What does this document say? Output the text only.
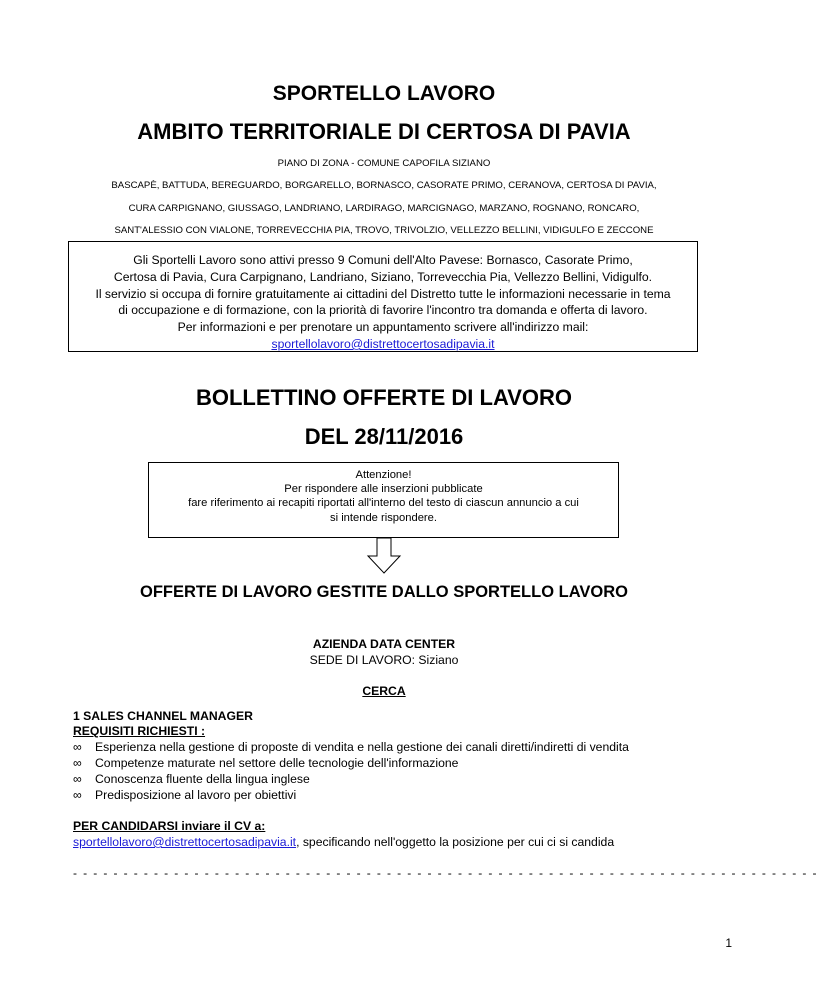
SPORTELLO LAVORO
AMBITO TERRITORIALE DI CERTOSA DI PAVIA
PIANO DI ZONA - COMUNE CAPOFILA SIZIANO
BASCAPÈ, BATTUDA, BEREGUARDO, BORGARELLO, BORNASCO, CASORATE PRIMO, CERANOVA, CERTOSA DI PAVIA,
CURA CARPIGNANO, GIUSSAGO, LANDRIANO, LARDIRAGO, MARCIGNAGO, MARZANO, ROGNANO, RONCARO,
SANT'ALESSIO CON VIALONE, TORREVECCHIA PIA, TROVO, TRIVOLZIO, VELLEZZO BELLINI, VIDIGULFO E ZECCONE
Gli Sportelli Lavoro sono attivi presso 9 Comuni dell'Alto Pavese: Bornasco, Casorate Primo,
Certosa di Pavia, Cura Carpignano, Landriano, Siziano, Torrevecchia Pia, Vellezzo Bellini, Vidigulfo.
Il servizio si occupa di fornire gratuitamente ai cittadini del Distretto tutte le informazioni necessarie in tema
di occupazione e di formazione, con la priorità di favorire l'incontro tra domanda e offerta di lavoro.
Per informazioni e per prenotare un appuntamento scrivere all'indirizzo mail:
sportellolavoro@distrettocertosadipavia.it
BOLLETTINO OFFERTE DI LAVORO
DEL 28/11/2016
Attenzione!
Per rispondere alle inserzioni pubblicate
fare riferimento ai recapiti riportati all'interno del testo di ciascun annuncio a cui
si intende rispondere.
OFFERTE DI LAVORO GESTITE DALLO SPORTELLO LAVORO
AZIENDA DATA CENTER
SEDE DI LAVORO: Siziano
CERCA
1 SALES CHANNEL MANAGER
REQUISITI RICHIESTI :
∞ Esperienza nella gestione di proposte di vendita e nella gestione dei canali diretti/indiretti di vendita
∞ Competenze maturate nel settore delle tecnologie dell'informazione
∞ Conoscenza fluente della lingua inglese
∞ Predisposizione al lavoro per obiettivi
PER CANDIDARSI inviare il CV a:
sportellolavoro@distrettocertosadipavia.it, specificando nell'oggetto la posizione per cui ci si candida
- - - - - - - - - - - - - - - - - - - - - - - - - - - - - - - - - - - - - - - - - - - - - - - - - - - - - - - - - - - - - - - - - - - - - - - - - -
1
